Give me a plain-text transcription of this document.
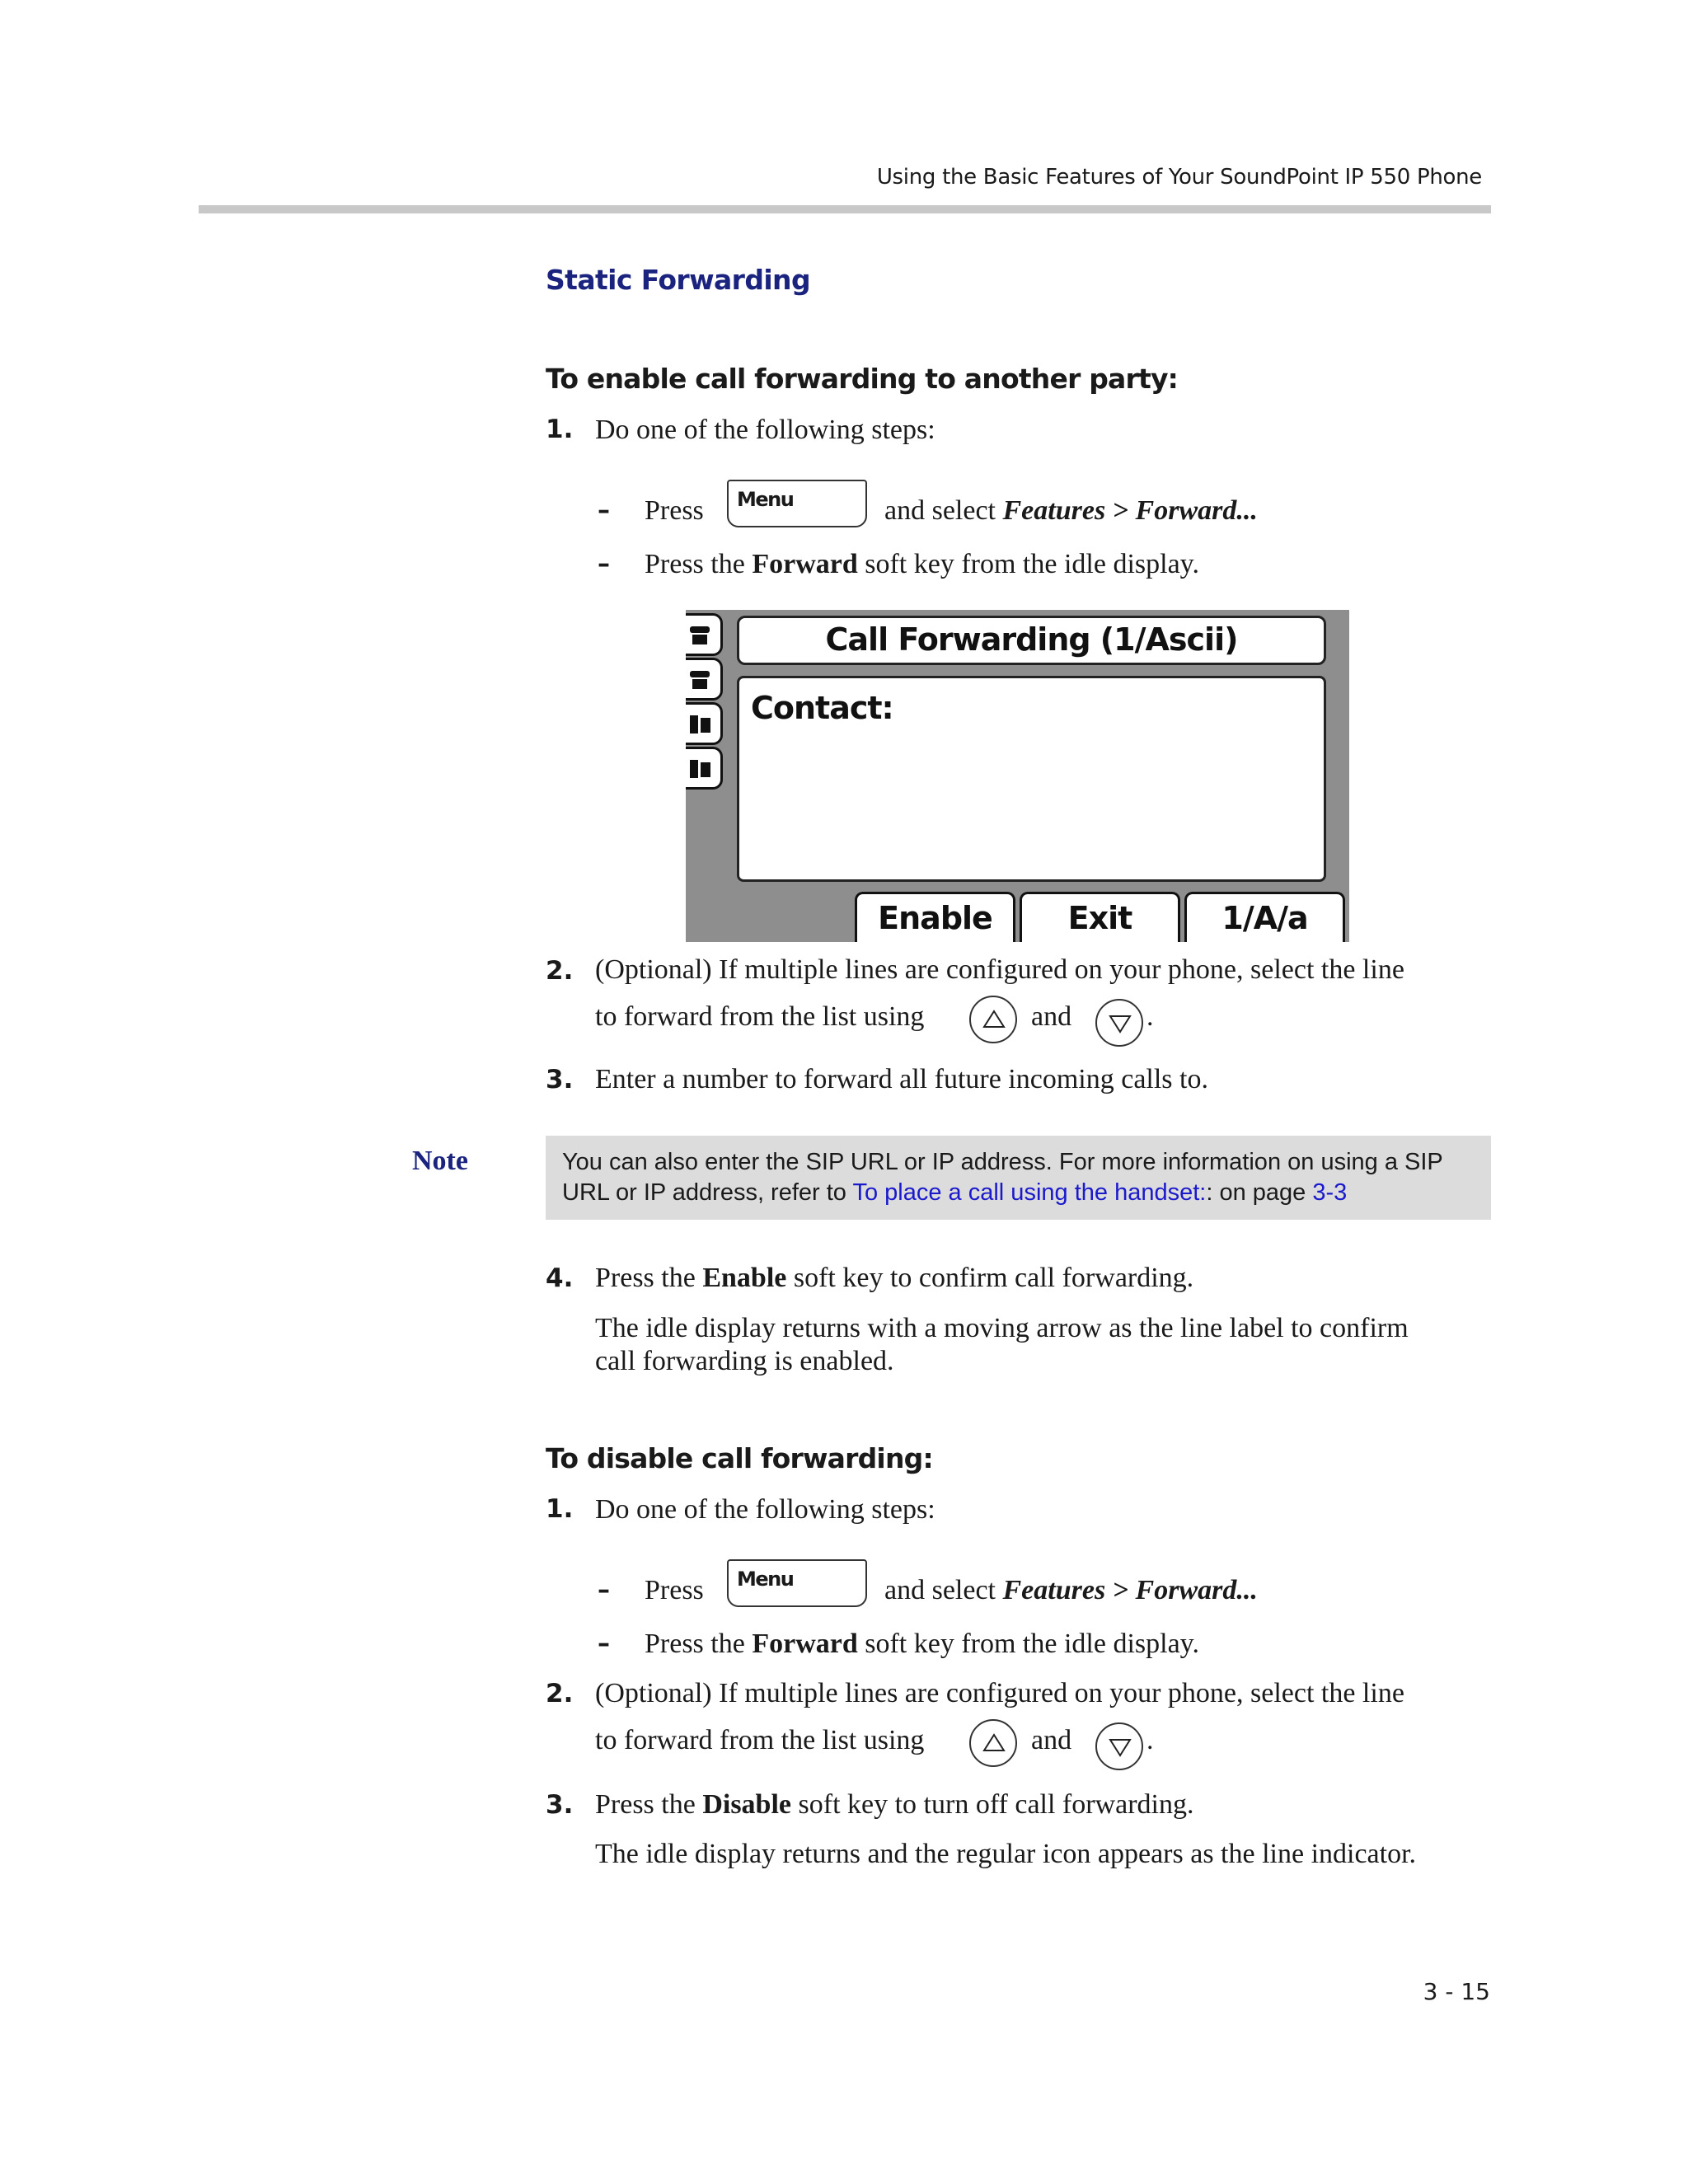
Using the Basic Features of Your SoundPoint IP 550 Phone
Static Forwarding
To enable call forwarding to another party:
1. Do one of the following steps:
– Press Menu	and select Features > Forward...
– Press the Forward soft key from the idle display.
Call Forwarding (1/Ascii)
Contact:
Enable	Exit	1/A/a
2. (Optional) If multiple lines are configured on your phone, select the line
to forward from the list using	and	.
3. Enter a number to forward all future incoming calls to.
Note	You can also enter the SIP URL or IP address. For more information on using a SIP
URL or IP address, refer to To place a call using the handset:: on page 3-3
4. Press the Enable soft key to confirm call forwarding.
The idle display returns with a moving arrow as the line label to confirm
call forwarding is enabled.
To disable call forwarding:
1. Do one of the following steps:
– Press Menu	and select Features > Forward...
– Press the Forward soft key from the idle display.
2. (Optional) If multiple lines are configured on your phone, select the line
to forward from the list using	and	.
3. Press the Disable soft key to turn off call forwarding.
The idle display returns and the regular icon appears as the line indicator.
3 - 15
